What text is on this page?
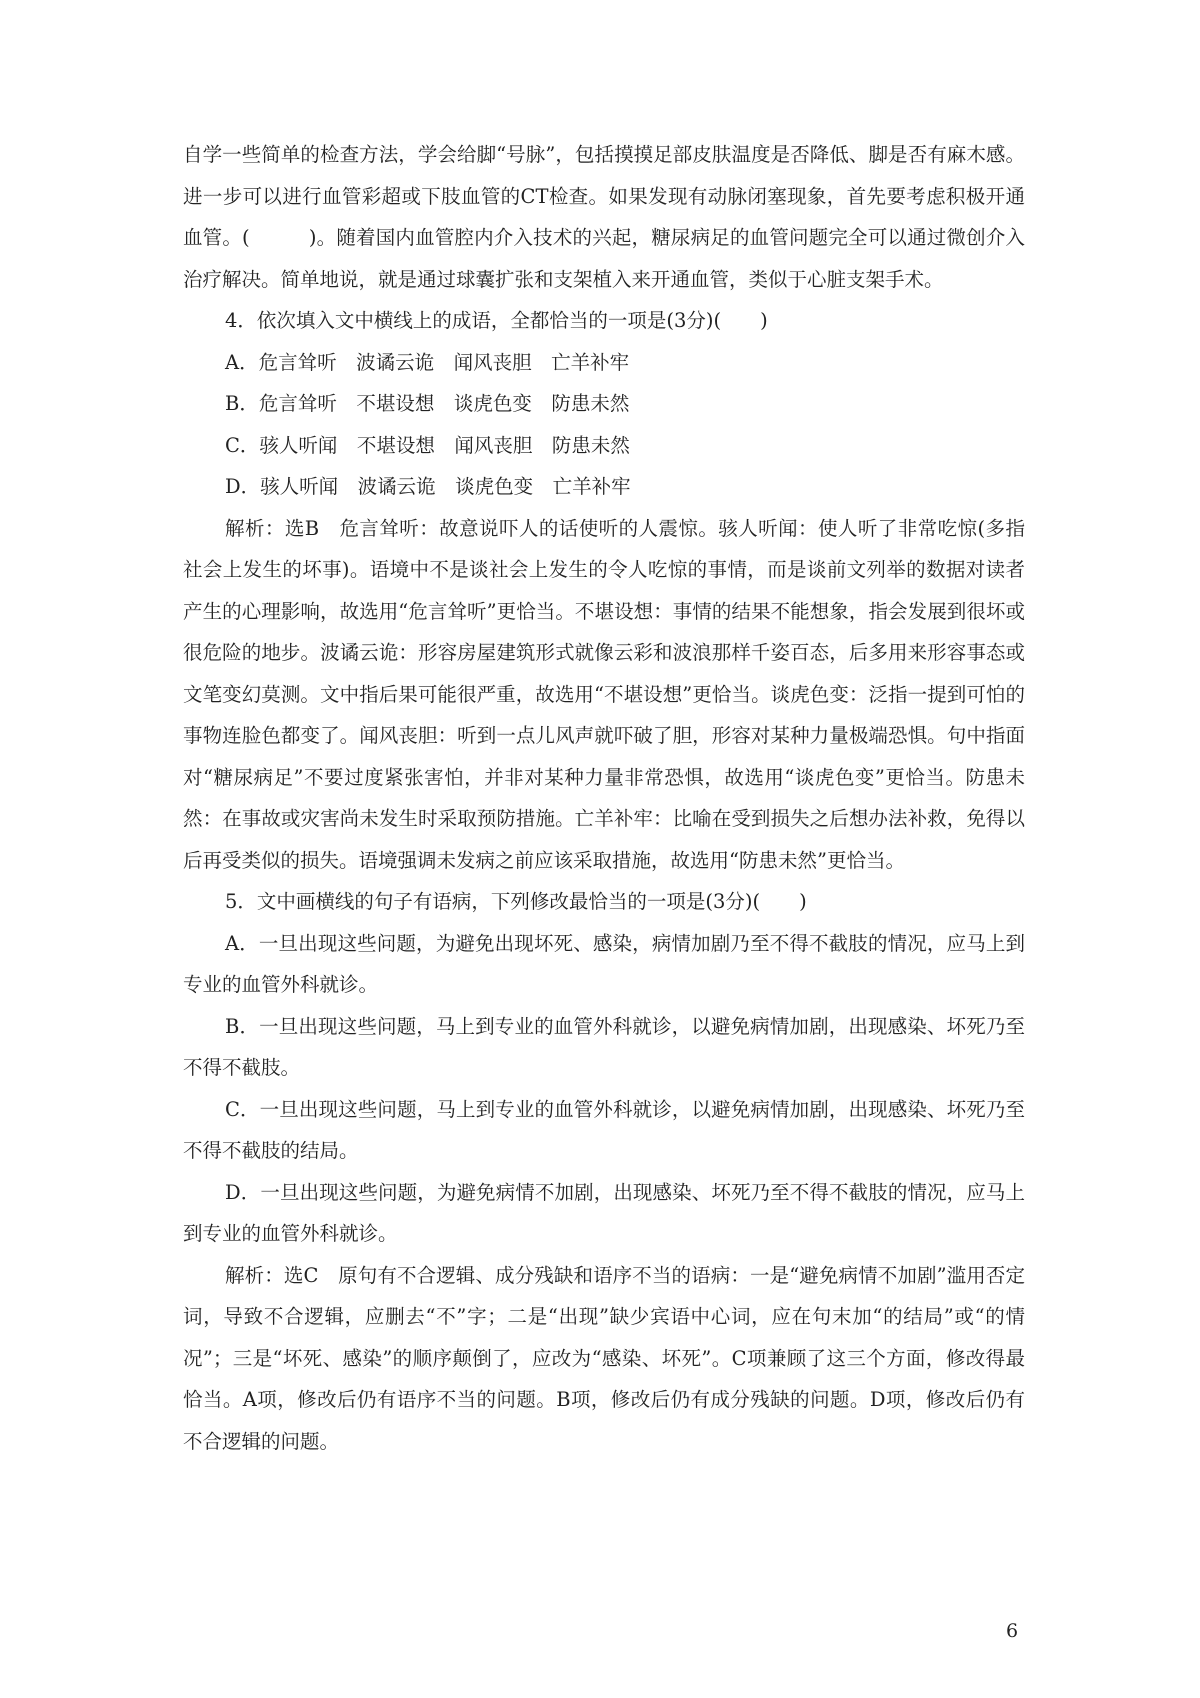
自学一些简单的检查方法，学会给脚“号脉”，包括摸摸足部皮肤温度是否降低、脚是否有麻木感。进一步可以进行血管彩超或下肢血管的CT检查。如果发现有动脉闭塞现象，首先要考虑积极开通血管。(　　　)。随着国内血管腔内介入技术的兴起，糖尿病足的血管问题完全可以通过微创介入治疗解决。简单地说，就是通过球囊扩张和支架植入来开通血管，类似于心脏支架手术。

4．依次填入文中横线上的成语，全都恰当的一项是(3分)(　　)

A．危言耸听　波谲云诡　闻风丧胆　亡羊补牢

B．危言耸听　不堪设想　谈虎色变　防患未然

C．骇人听闻　不堪设想　闻风丧胆　防患未然

D．骇人听闻　波谲云诡　谈虎色变　亡羊补牢

解析：选B　危言耸听：故意说吓人的话使听的人震惊。骇人听闻：使人听了非常吃惊(多指社会上发生的坏事)。语境中不是谈社会上发生的令人吃惊的事情，而是谈前文列举的数据对读者产生的心理影响，故选用“危言耸听”更恰当。不堪设想：事情的结果不能想象，指会发展到很坏或很危险的地步。波谲云诡：形容房屋建筑形式就像云彩和波浪那样千姿百态，后多用来形容事态或文笔变幻莫测。文中指后果可能很严重，故选用“不堪设想”更恰当。谈虎色变：泛指一提到可怕的事物连脸色都变了。闻风丧胆：听到一点儿风声就吓破了胆，形容对某种力量极端恐惧。句中指面对“糖尿病足”不要过度紧张害怕，并非对某种力量非常恐惧，故选用“谈虎色变”更恰当。防患未然：在事故或灾害尚未发生时采取预防措施。亡羊补牢：比喻在受到损失之后想办法补救，免得以后再受类似的损失。语境强调未发病之前应该采取措施，故选用“防患未然”更恰当。

5．文中画横线的句子有语病，下列修改最恰当的一项是(3分)(　　)

A．一旦出现这些问题，为避免出现坏死、感染，病情加剧乃至不得不截肢的情况，应马上到专业的血管外科就诊。

B．一旦出现这些问题，马上到专业的血管外科就诊，以避免病情加剧，出现感染、坏死乃至不得不截肢。

C．一旦出现这些问题，马上到专业的血管外科就诊，以避免病情加剧，出现感染、坏死乃至不得不截肢的结局。

D．一旦出现这些问题，为避免病情不加剧，出现感染、坏死乃至不得不截肢的情况，应马上到专业的血管外科就诊。

解析：选C　原句有不合逻辑、成分残缺和语序不当的语病：一是“避免病情不加剧”滥用否定词，导致不合逻辑，应删去“不”字；二是“出现”缺少宾语中心词，应在句末加“的结局”或“的情况”；三是“坏死、感染”的顺序颠倒了，应改为“感染、坏死”。C项兼顾了这三个方面，修改得最恰当。A项，修改后仍有语序不当的问题。B项，修改后仍有成分残缺的问题。D项，修改后仍有不合逻辑的问题。

6
